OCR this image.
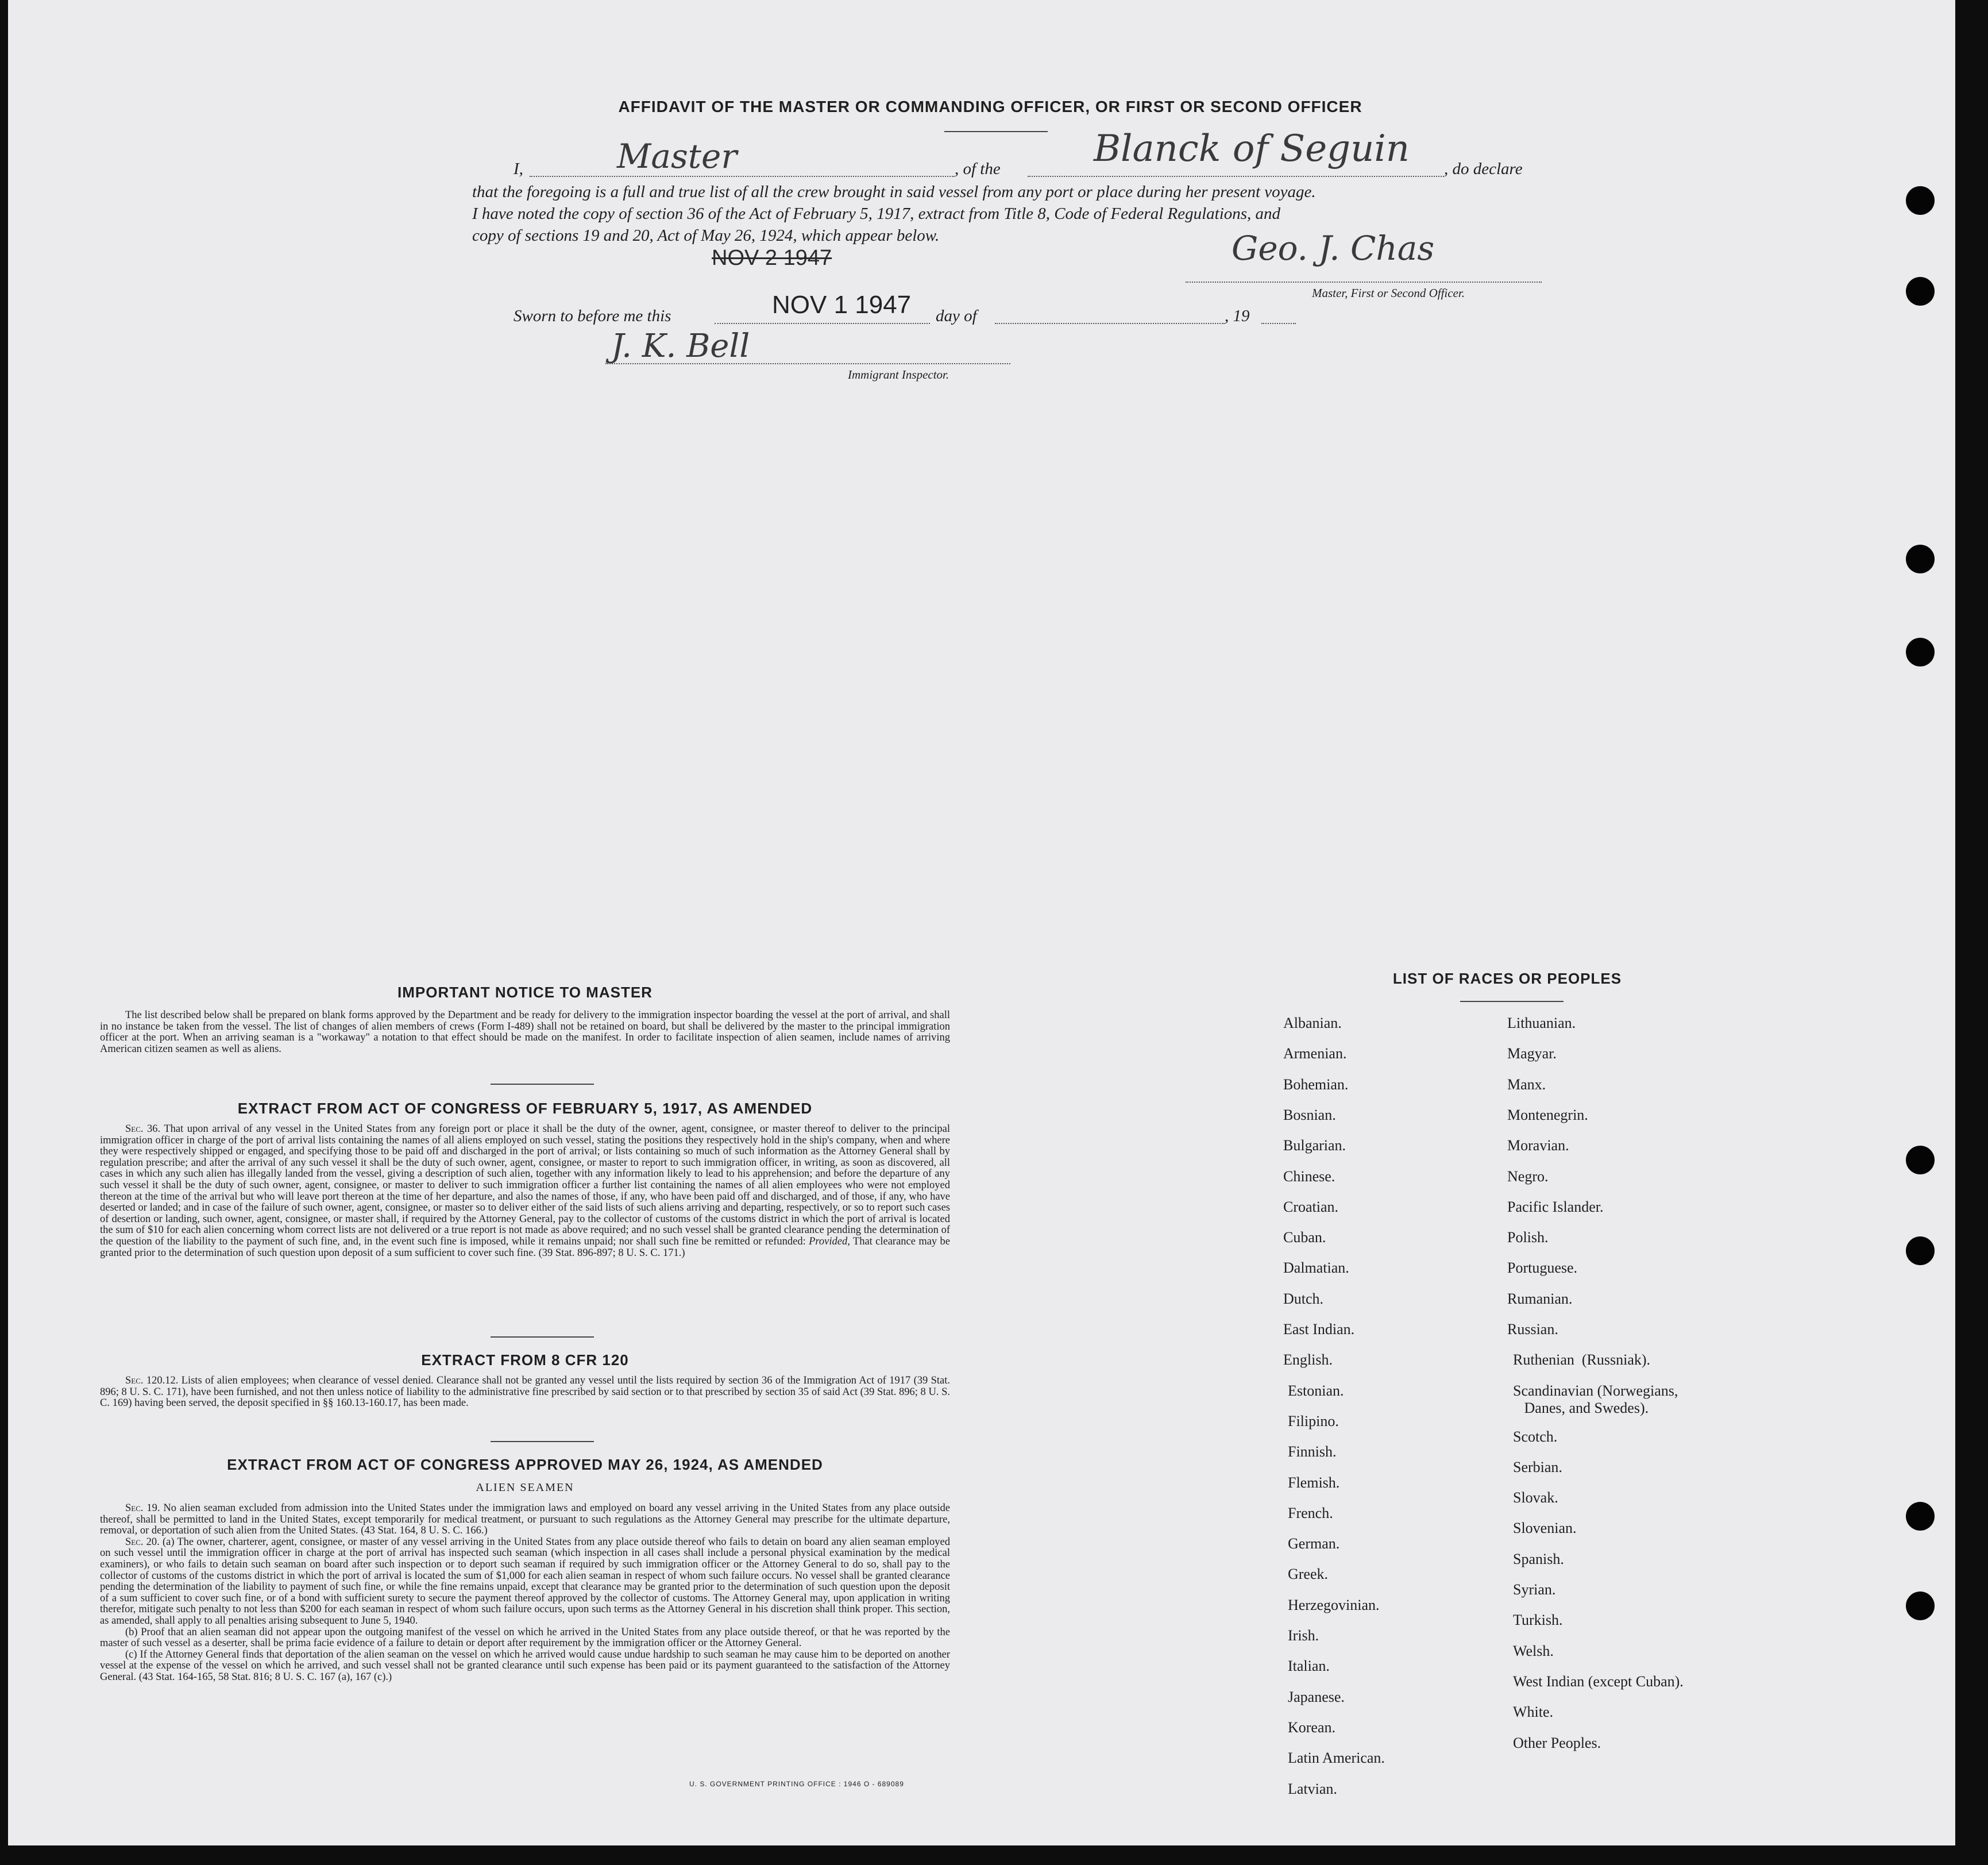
AFFIDAVIT OF THE MASTER OR COMMANDING OFFICER, OR FIRST OR SECOND OFFICER
I,	Master	, of the	Blanck of Seguin , do declare
that the foregoing is a full and true list of all the crew brought in said vessel from any port or place during her present voyage.
I have noted the copy of section 36 of the Act of February 5, 1917, extract from Title 8, Code of Federal Regulations, and
copy of sections 19 and 20, Act of May 26, 1924, which appear below.
NOV 2 1947	Geo. J. Chas
Master, First or Second Officer.
Sworn to before me this	NOV 1 1947 day of	, 19
J. K. Bell
Immigrant Inspector.
IMPORTANT NOTICE TO MASTER
The list described below shall be prepared on blank forms approved by the Department and be ready for delivery to the immigration inspector boarding the vessel at the port of arrival, and shall in no instance be taken from the vessel. The list of changes of alien members of crews (Form I-489) shall not be retained on board, but shall be delivered by the master to the principal immigration officer at the port. When an arriving seaman is a "workaway" a notation to that effect should be made on the manifest. In order to facilitate inspection of alien seamen, include names of arriving American citizen seamen as well as aliens.
EXTRACT FROM ACT OF CONGRESS OF FEBRUARY 5, 1917, AS AMENDED
Sec. 36. That upon arrival of any vessel in the United States from any foreign port or place it shall be the duty of the owner, agent, consignee, or master thereof to deliver to the principal immigration officer in charge of the port of arrival lists containing the names of all aliens employed on such vessel, stating the positions they respectively hold in the ship's company, when and where they were respectively shipped or engaged, and specifying those to be paid off and discharged in the port of arrival; or lists containing so much of such information as the Attorney General shall by regulation prescribe; and after the arrival of any such vessel it shall be the duty of such owner, agent, consignee, or master to report to such immigration officer, in writing, as soon as discovered, all cases in which any such alien has illegally landed from the vessel, giving a description of such alien, together with any information likely to lead to his apprehension; and before the departure of any such vessel it shall be the duty of such owner, agent, consignee, or master to deliver to such immigration officer a further list containing the names of all alien employees who were not employed thereon at the time of the arrival but who will leave port thereon at the time of her departure, and also the names of those, if any, who have been paid off and discharged, and of those, if any, who have deserted or landed; and in case of the failure of such owner, agent, consignee, or master so to deliver either of the said lists of such aliens arriving and departing, respectively, or so to report such cases of desertion or landing, such owner, agent, consignee, or master shall, if required by the Attorney General, pay to the collector of customs of the customs district in which the port of arrival is located the sum of $10 for each alien concerning whom correct lists are not delivered or a true report is not made as above required; and no such vessel shall be granted clearance pending the determination of the question of the liability to the payment of such fine, and, in the event such fine is imposed, while it remains unpaid; nor shall such fine be remitted or refunded: Provided, That clearance may be granted prior to the determination of such question upon deposit of a sum sufficient to cover such fine. (39 Stat. 896-897; 8 U. S. C. 171.)
EXTRACT FROM 8 CFR 120
Sec. 120.12. Lists of alien employees; when clearance of vessel denied. Clearance shall not be granted any vessel until the lists required by section 36 of the Immigration Act of 1917 (39 Stat. 896; 8 U. S. C. 171), have been furnished, and not then unless notice of liability to the administrative fine prescribed by said section or to that prescribed by section 35 of said Act (39 Stat. 896; 8 U. S. C. 169) having been served, the deposit specified in §§ 160.13-160.17, has been made.
EXTRACT FROM ACT OF CONGRESS APPROVED MAY 26, 1924, AS AMENDED
ALIEN SEAMEN
Sec. 19. No alien seaman excluded from admission into the United States under the immigration laws and employed on board any vessel arriving in the United States from any place outside thereof, shall be permitted to land in the United States, except temporarily for medical treatment, or pursuant to such regulations as the Attorney General may prescribe for the ultimate departure, removal, or deportation of such alien from the United States. (43 Stat. 164, 8 U. S. C. 166.)
Sec. 20. (a) The owner, charterer, agent, consignee, or master of any vessel arriving in the United States from any place outside thereof who fails to detain on board any alien seaman employed on such vessel until the immigration officer in charge at the port of arrival has inspected such seaman (which inspection in all cases shall include a personal physical examination by the medical examiners), or who fails to detain such seaman on board after such inspection or to deport such seaman if required by such immigration officer or the Attorney General to do so, shall pay to the collector of customs of the customs district in which the port of arrival is located the sum of $1,000 for each alien seaman in respect of whom such failure occurs. No vessel shall be granted clearance pending the determination of the liability to payment of such fine, or while the fine remains unpaid, except that clearance may be granted prior to the determination of such question upon the deposit of a sum sufficient to cover such fine, or of a bond with sufficient surety to secure the payment thereof approved by the collector of customs. The Attorney General may, upon application in writing therefor, mitigate such penalty to not less than $200 for each seaman in respect of whom such failure occurs, upon such terms as the Attorney General in his discretion shall think proper. This section, as amended, shall apply to all penalties arising subsequent to June 5, 1940.
(b) Proof that an alien seaman did not appear upon the outgoing manifest of the vessel on which he arrived in the United States from any place outside thereof, or that he was reported by the master of such vessel as a deserter, shall be prima facie evidence of a failure to detain or deport after requirement by the immigration officer or the Attorney General.
(c) If the Attorney General finds that deportation of the alien seaman on the vessel on which he arrived would cause undue hardship to such seaman he may cause him to be deported on another vessel at the expense of the vessel on which he arrived, and such vessel shall not be granted clearance until such expense has been paid or its payment guaranteed to the satisfaction of the Attorney General. (43 Stat. 164-165, 58 Stat. 816; 8 U. S. C. 167 (a), 167 (c).)
U. S. GOVERNMENT PRINTING OFFICE : 1946 O - 689089
LIST OF RACES OR PEOPLES
Albanian.
Armenian.
Bohemian.
Bosnian.
Bulgarian.
Chinese.
Croatian.
Cuban.
Dalmatian.
Dutch.
East Indian.
English.
Estonian.
Filipino.
Finnish.
Flemish.
French.
German.
Greek.
Herzegovinian.
Irish.
Italian.
Japanese.
Korean.
Latin American.
Latvian.
Lithuanian.
Magyar.
Manx.
Montenegrin.
Moravian.
Negro.
Pacific Islander.
Polish.
Portuguese.
Rumanian.
Russian.
Ruthenian  (Russniak).
Scandinavian (Norwegians,
Danes, and Swedes).
Scotch.
Serbian.
Slovak.
Slovenian.
Spanish.
Syrian.
Turkish.
Welsh.
West Indian (except Cuban).
White.
Other Peoples.
